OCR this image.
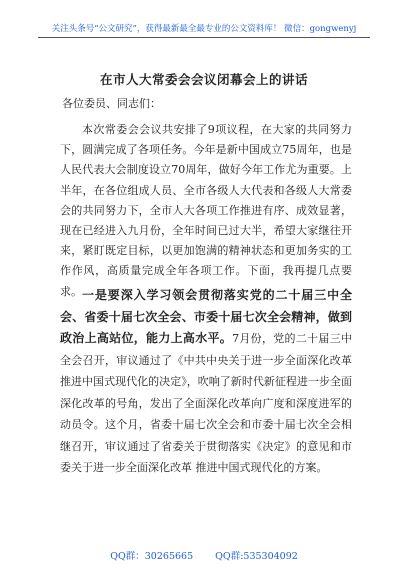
关注头条号“公文研究”，获得最新最全最专业的公文资料库！ 微信：gongwenyj
在市人大常委会会议闭幕会上的讲话
各位委员、同志们：

本次常委会会议共安排了9项议程，在大家的共同努力下，圆满完成了各项任务。今年是新中国成立75周年，也是人民代表大会制度设立70周年，做好今年工作尤为重要。上半年，在各位组成人员、全市各级人大代表和各级人大常委会的共同努力下，全市人大各项工作推进有序、成效显著，现在已经进入九月份，全年时间已过大半，希望大家继往开来，紧盯既定目标，以更加饱满的精神状态和更加务实的工作作风，高质量完成全年各项工作。下面，我再提几点要求。 一是要深入学习领会贯彻落实党的二十届三中全会、省委十届七次全会、市委十届七次全会精神，做到政治上高站位，能力上高水平。7月份，党的二十届三中全会召开，审议通过了《中共中央关于进一步全面深化改革 推进中国式现代化的决定》，吹响了新时代新征程进一步全面深化改革的号角，发出了全面深化改革向广度和深度进军的动员令。这个月，省委十届七次全会和市委十届七次全会相继召开，审议通过了省委关于贯彻落实《决定》的意见和市委关于进一步全面深化改革 推进中国式现代化的方案。

QQ群：30265665 QQ群:535304092
